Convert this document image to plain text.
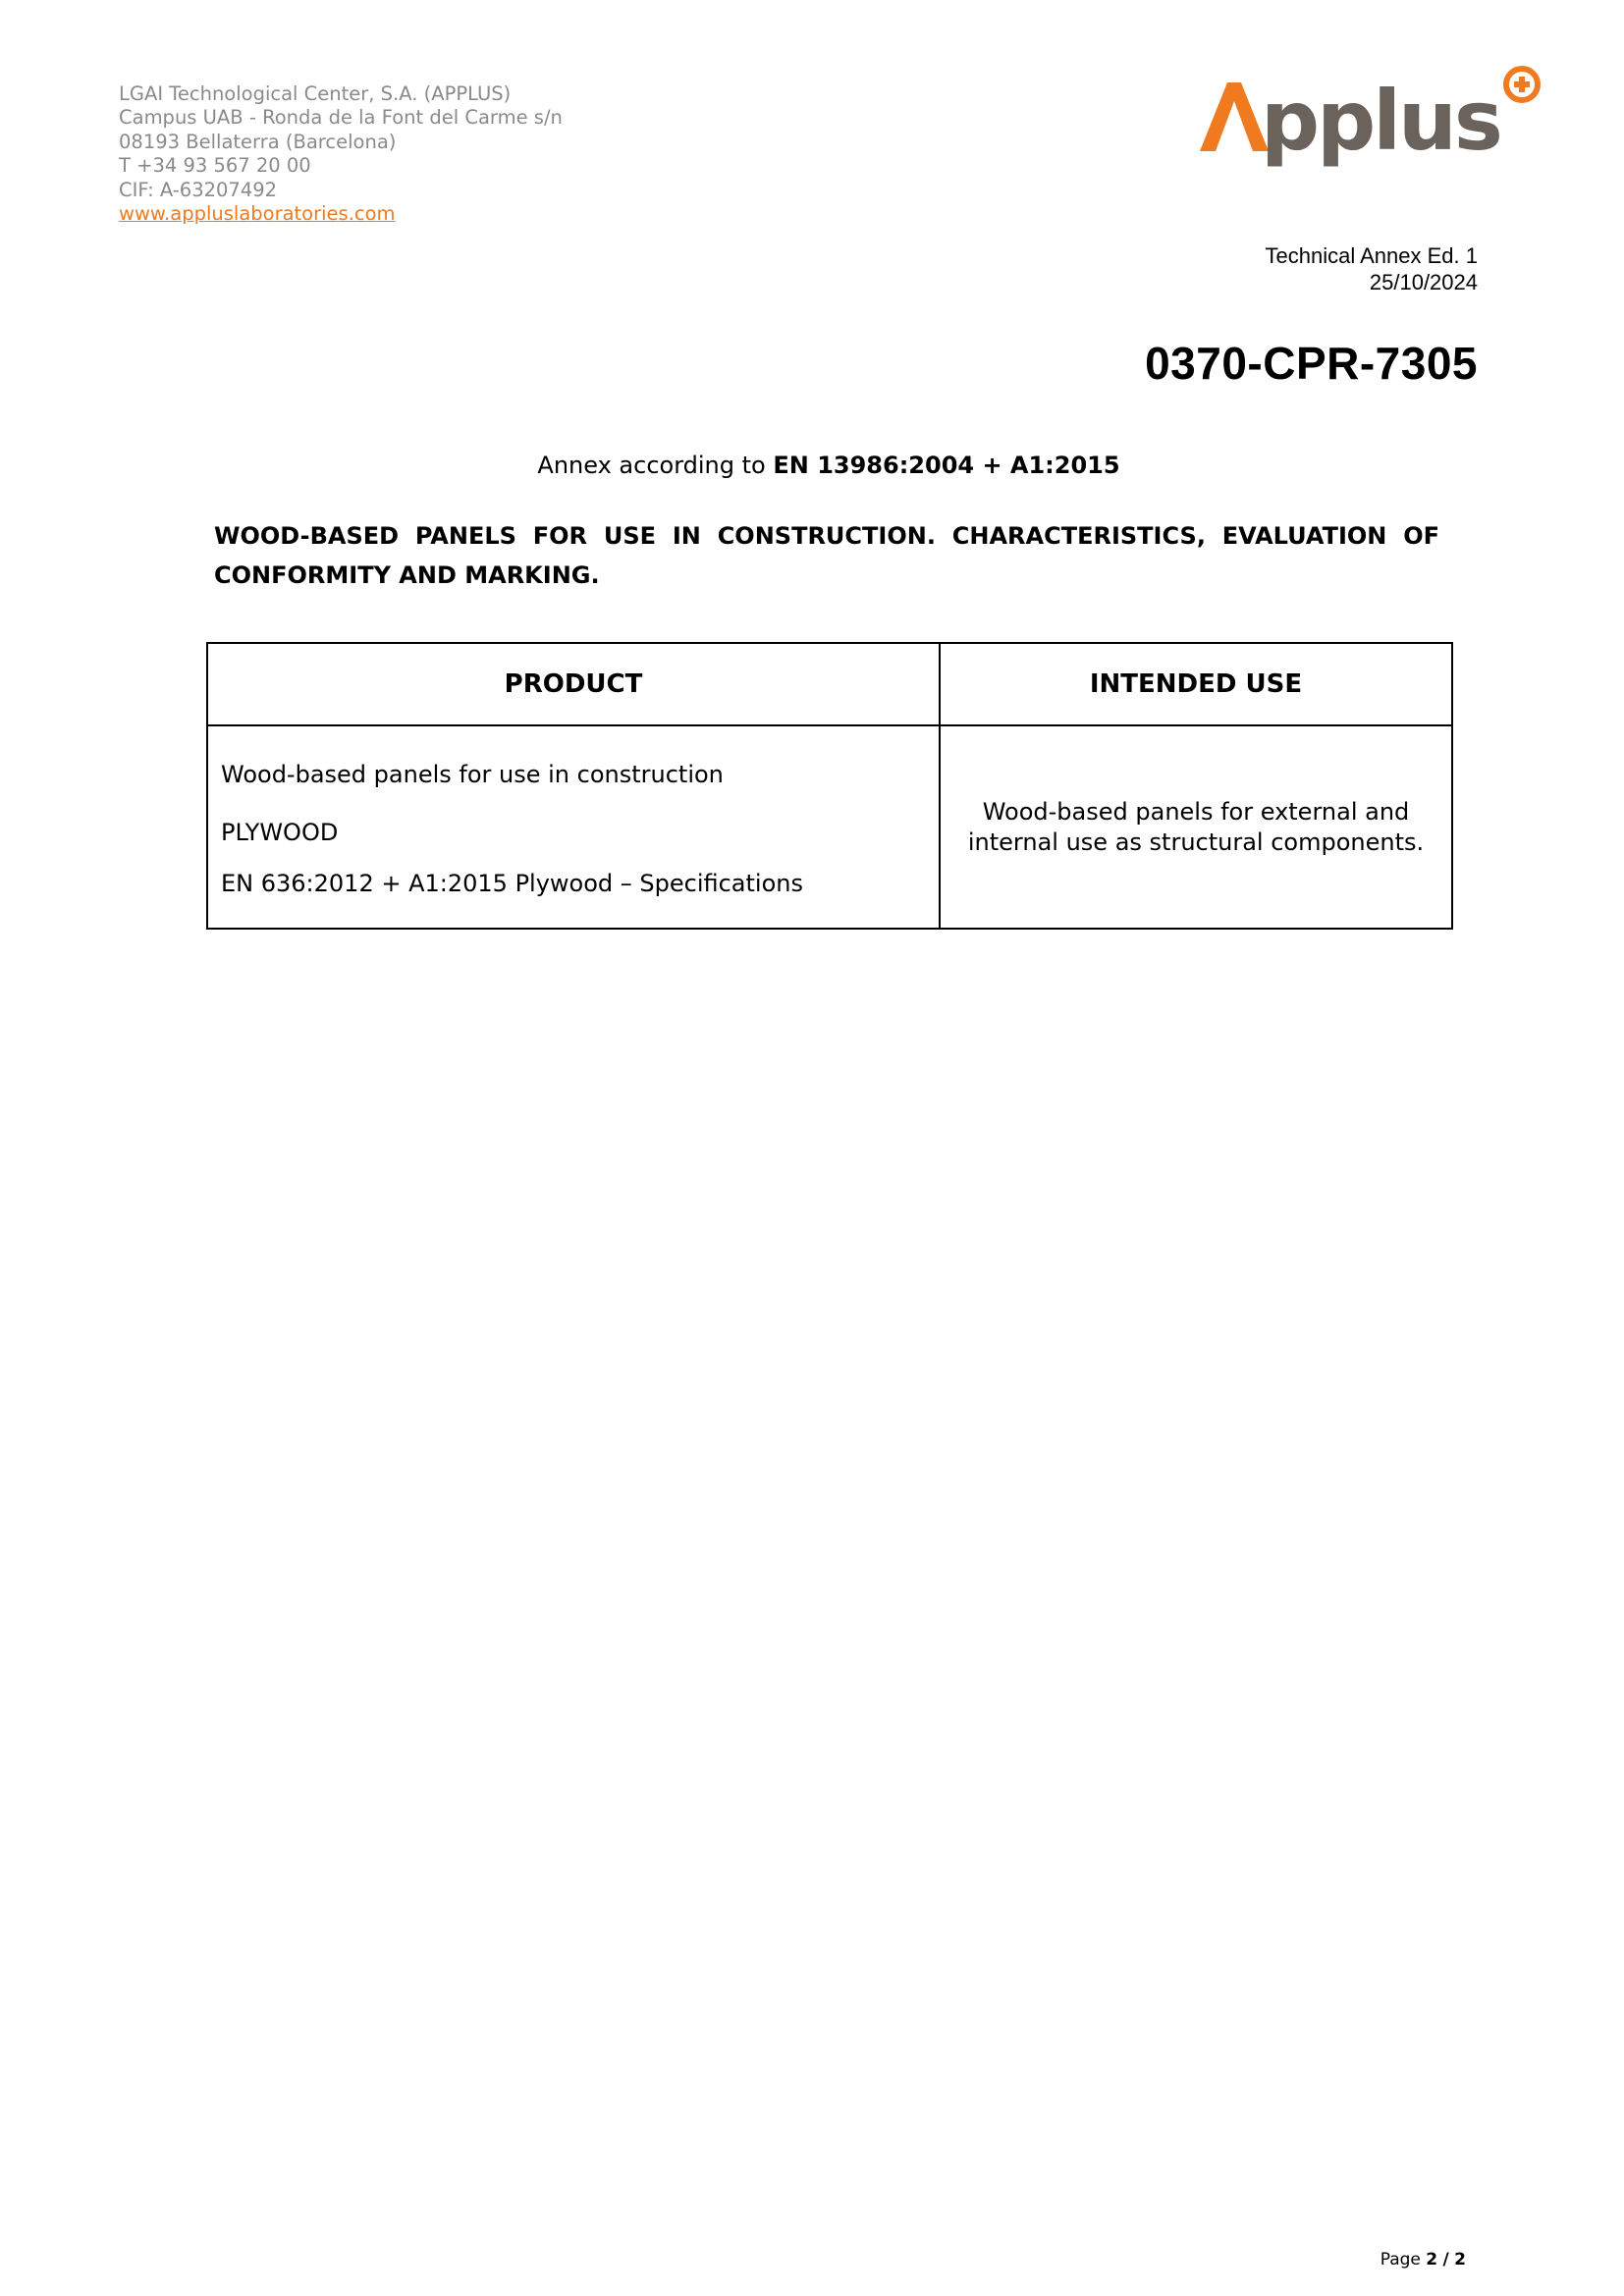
LGAI Technological Center, S.A. (APPLUS)
Campus UAB - Ronda de la Font del Carme s/n
08193 Bellaterra (Barcelona)
T +34 93 567 20 00
CIF: A-63207492
www.appluslaboratories.com
pplus
Technical Annex Ed. 1
25/10/2024
0370-CPR-7305
Annex according to EN 13986:2004 + A1:2015
WOOD-BASED PANELS FOR USE IN CONSTRUCTION. CHARACTERISTICS, EVALUATION OF CONFORMITY AND MARKING.
PRODUCT	INTENDED USE

Wood-based panels for use in construction

PLYWOOD

EN 636:2012 + A1:2015 Plywood – Specifications	Wood-based panels for external and internal use as structural components.
Page 2 / 2
